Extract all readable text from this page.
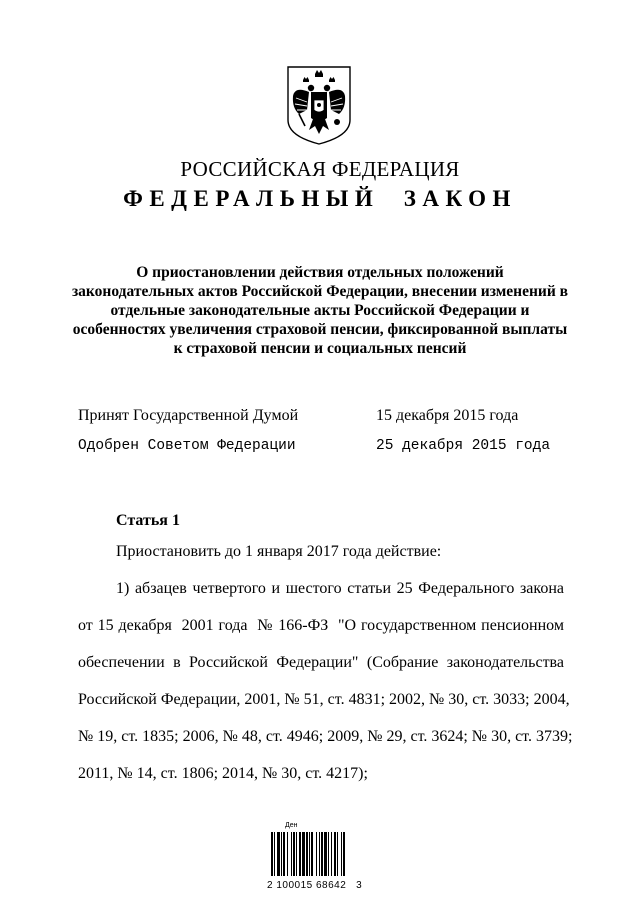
РОССИЙСКАЯ ФЕДЕРАЦИЯ
ФЕДЕРАЛЬНЫЙ  ЗАКОН
О приостановлении действия отдельных положений
законодательных актов Российской Федерации, внесении изменений в
отдельные законодательные акты Российской Федерации и
особенностях увеличения страховой пенсии, фиксированной выплаты
к страховой пенсии и социальных пенсий
Принят Государственной Думой	15 декабря 2015 года
Одобрен Советом Федерации	25 декабря 2015 года
Статья 1
Приостановить до 1 января 2017 года действие:
1) абзацев четвертого и шестого статьи 25 Федерального закона
от 15 декабря  2001 года  № 166-ФЗ  "О государственном пенсионном
обеспечении в Российской Федерации" (Собрание законодательства
Российской Федерации, 2001, № 51, ст. 4831; 2002, № 30, ст. 3033; 2004,
№ 19, ст. 1835; 2006, № 48, ст. 4946; 2009, № 29, ст. 3624; № 30, ст. 3739;
2011, № 14, ст. 1806; 2014, № 30, ст. 4217);
Ден
2 100015 68642   3
